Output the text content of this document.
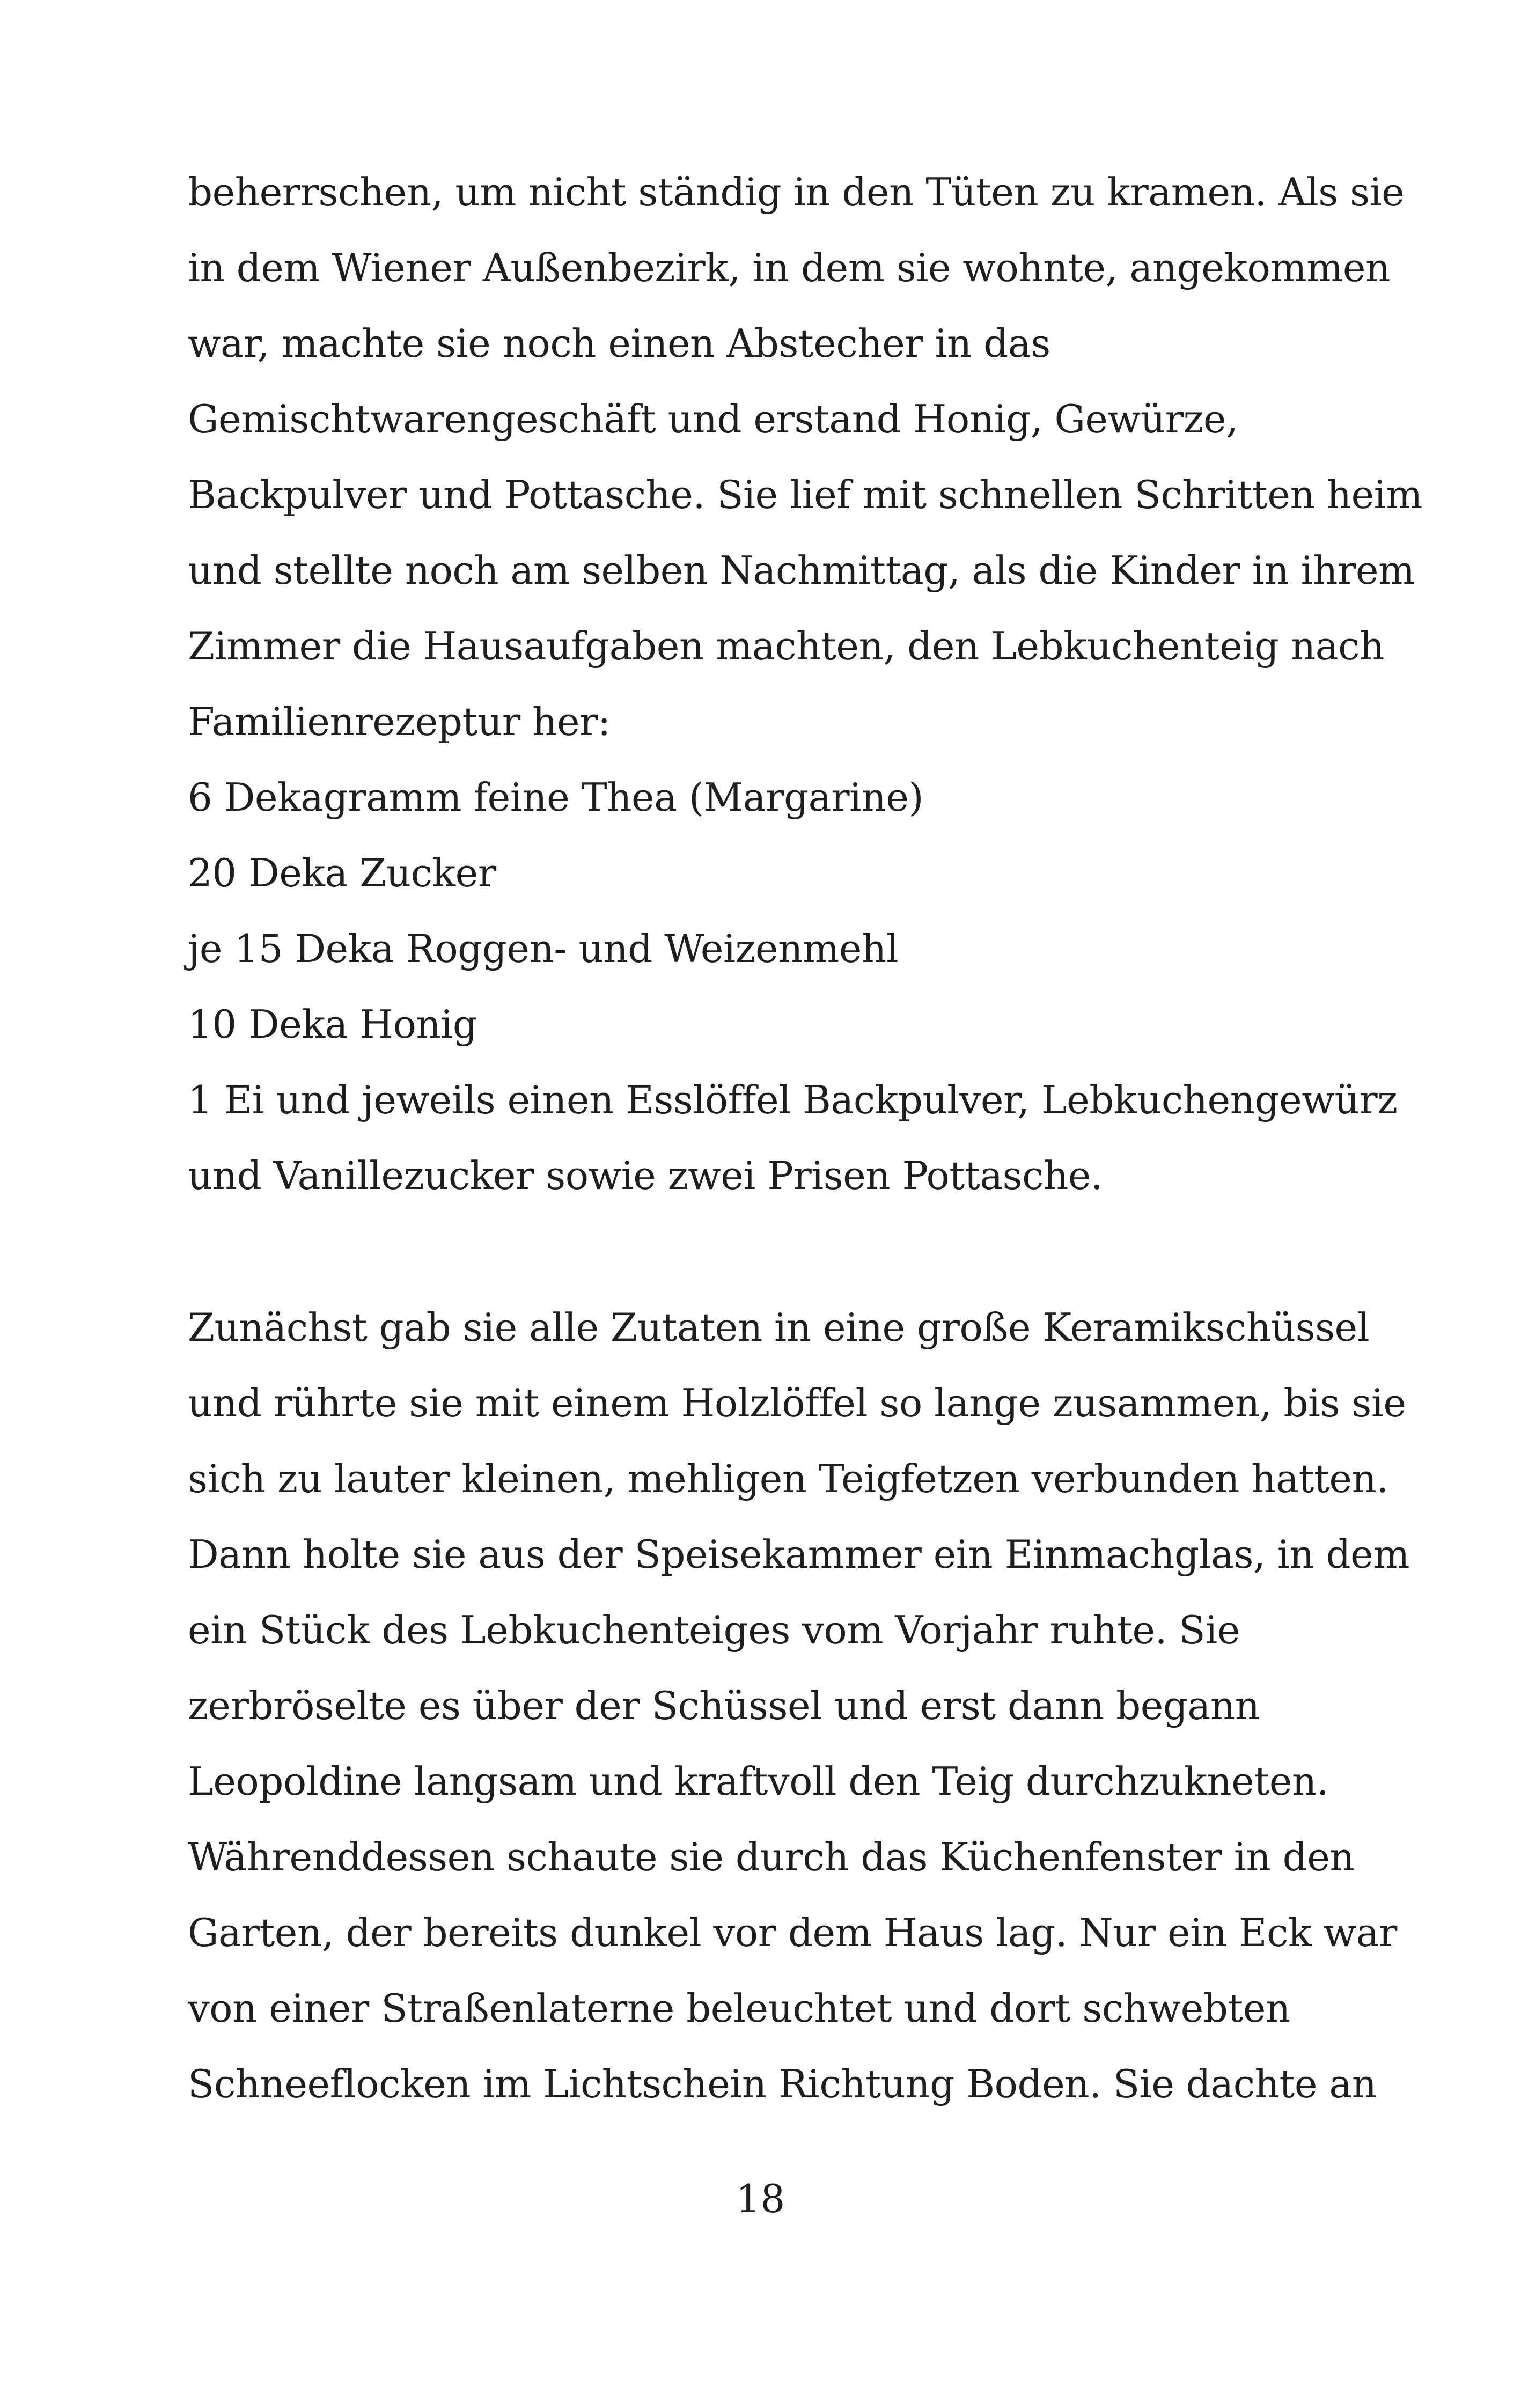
beherrschen, um nicht ständig in den Tüten zu kramen. Als sie
in dem Wiener Außenbezirk, in dem sie wohnte, angekommen
war, machte sie noch einen Abstecher in das
Gemischtwarengeschäft und erstand Honig, Gewürze,
Backpulver und Pottasche. Sie lief mit schnellen Schritten heim
und stellte noch am selben Nachmittag, als die Kinder in ihrem
Zimmer die Hausaufgaben machten, den Lebkuchenteig nach
Familienrezeptur her:
6 Dekagramm feine Thea (Margarine)
20 Deka Zucker
je 15 Deka Roggen- und Weizenmehl
10 Deka Honig
1 Ei und jeweils einen Esslöffel Backpulver, Lebkuchengewürz
und Vanillezucker sowie zwei Prisen Pottasche.
Zunächst gab sie alle Zutaten in eine große Keramikschüssel
und rührte sie mit einem Holzlöffel so lange zusammen, bis sie
sich zu lauter kleinen, mehligen Teigfetzen verbunden hatten.
Dann holte sie aus der Speisekammer ein Einmachglas, in dem
ein Stück des Lebkuchenteiges vom Vorjahr ruhte. Sie
zerbröselte es über der Schüssel und erst dann begann
Leopoldine langsam und kraftvoll den Teig durchzukneten.
Währenddessen schaute sie durch das Küchenfenster in den
Garten, der bereits dunkel vor dem Haus lag. Nur ein Eck war
von einer Straßenlaterne beleuchtet und dort schwebten
Schneeflocken im Lichtschein Richtung Boden. Sie dachte an
18
